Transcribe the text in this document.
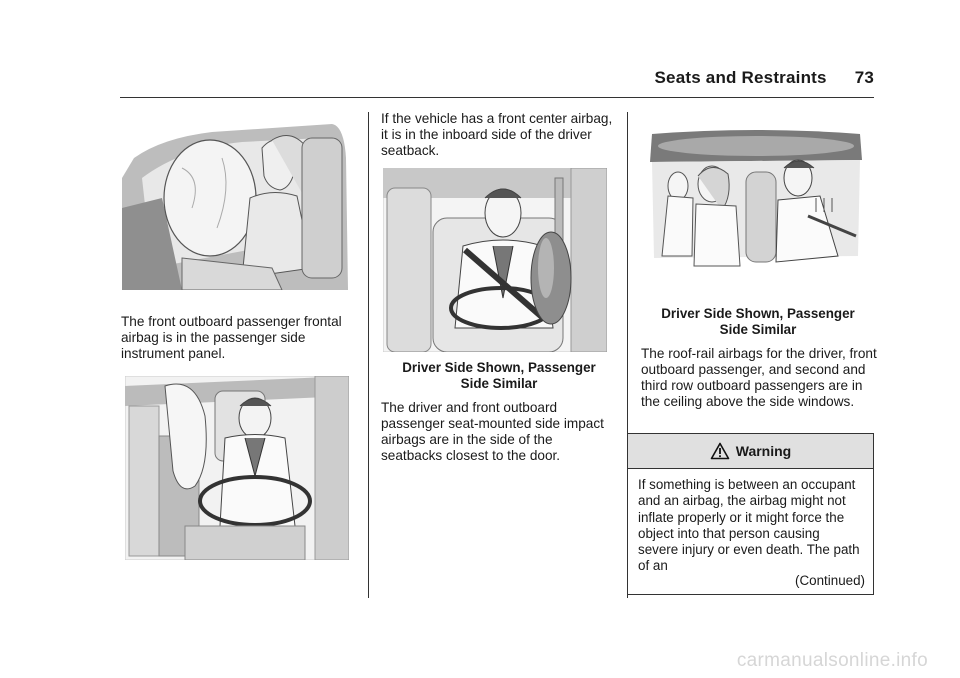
Seats and Restraints 73
The front outboard passenger frontal airbag is in the passenger side instrument panel.
If the vehicle has a front center airbag, it is in the inboard side of the driver seatback.
Driver Side Shown, Passenger
Side Similar
The driver and front outboard passenger seat-mounted side impact airbags are in the side of the seatbacks closest to the door.
Driver Side Shown, Passenger
Side Similar
The roof-rail airbags for the driver, front outboard passenger, and second and third row outboard passengers are in the ceiling above the side windows.
Warning
If something is between an occupant and an airbag, the airbag might not inflate properly or it might force the object into that person causing severe injury or even death. The path of an
(Continued)
carmanualsonline.info
